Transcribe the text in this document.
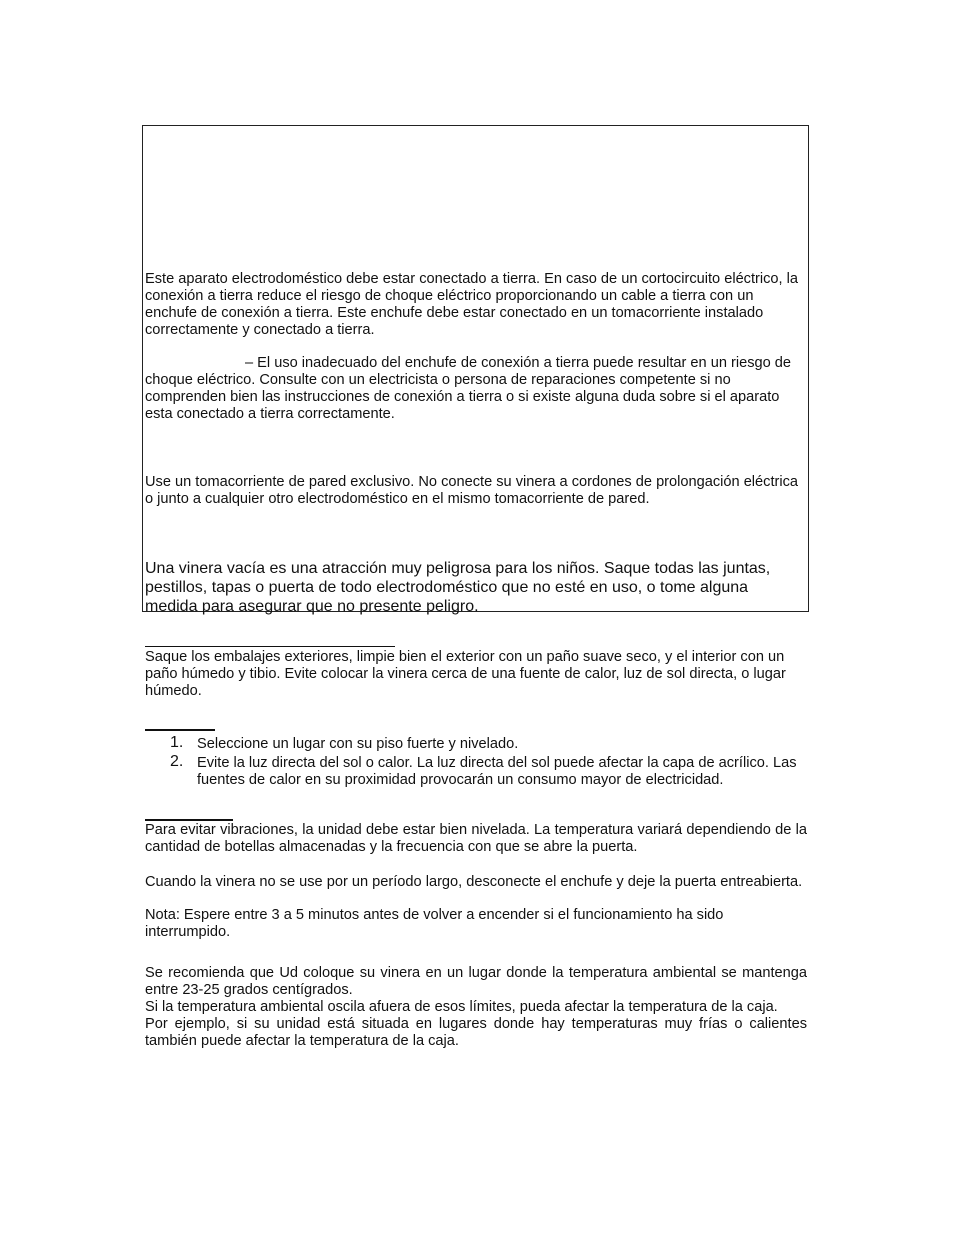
Este aparato electrodoméstico debe estar conectado a tierra. En caso de un cortocircuito eléctrico, la conexión a tierra reduce el riesgo de choque eléctrico proporcionando un cable a tierra con un enchufe de conexión a tierra. Este enchufe debe estar conectado en un tomacorriente instalado correctamente y conectado a tierra.

– El uso inadecuado del enchufe de conexión a tierra puede resultar en un riesgo de choque eléctrico. Consulte con un electricista o persona de reparaciones competente si no comprenden bien las instrucciones de conexión a tierra o si existe alguna duda sobre si el aparato esta conectado a tierra correctamente.

Use un tomacorriente de pared exclusivo. No conecte su vinera a cordones de prolongación eléctrica o junto a cualquier otro electrodoméstico en el mismo tomacorriente de pared.

Una vinera vacía es una atracción muy peligrosa para los niños. Saque todas las juntas, pestillos, tapas o puerta de todo electrodoméstico que no esté en uso, o tome alguna medida para asegurar que no presente peligro.

Saque los embalajes exteriores, limpie bien el exterior con un paño suave seco, y el interior con un paño húmedo y tibio. Evite colocar la vinera cerca de una fuente de calor, luz de sol directa, o lugar húmedo.

1. Seleccione un lugar con su piso fuerte y nivelado.
2. Evite la luz directa del sol o calor. La luz directa del sol puede afectar la capa de acrílico. Las fuentes de calor en su proximidad provocarán un consumo mayor de electricidad.

Para evitar vibraciones, la unidad debe estar bien nivelada. La temperatura variará dependiendo de la cantidad de botellas almacenadas y la frecuencia con que se abre la puerta.

Cuando la vinera no se use por un período largo, desconecte el enchufe y deje la puerta entreabierta.

Nota: Espere entre 3 a 5 minutos antes de volver a encender si el funcionamiento ha sido interrumpido.

Se recomienda que Ud coloque su vinera en un lugar donde la temperatura ambiental se mantenga entre 23-25 grados centígrados.

Si la temperatura ambiental oscila afuera de esos límites, pueda afectar la temperatura de la caja.

Por ejemplo, si su unidad está situada en lugares donde hay temperaturas muy frías o calientes también puede afectar la temperatura de la caja.
